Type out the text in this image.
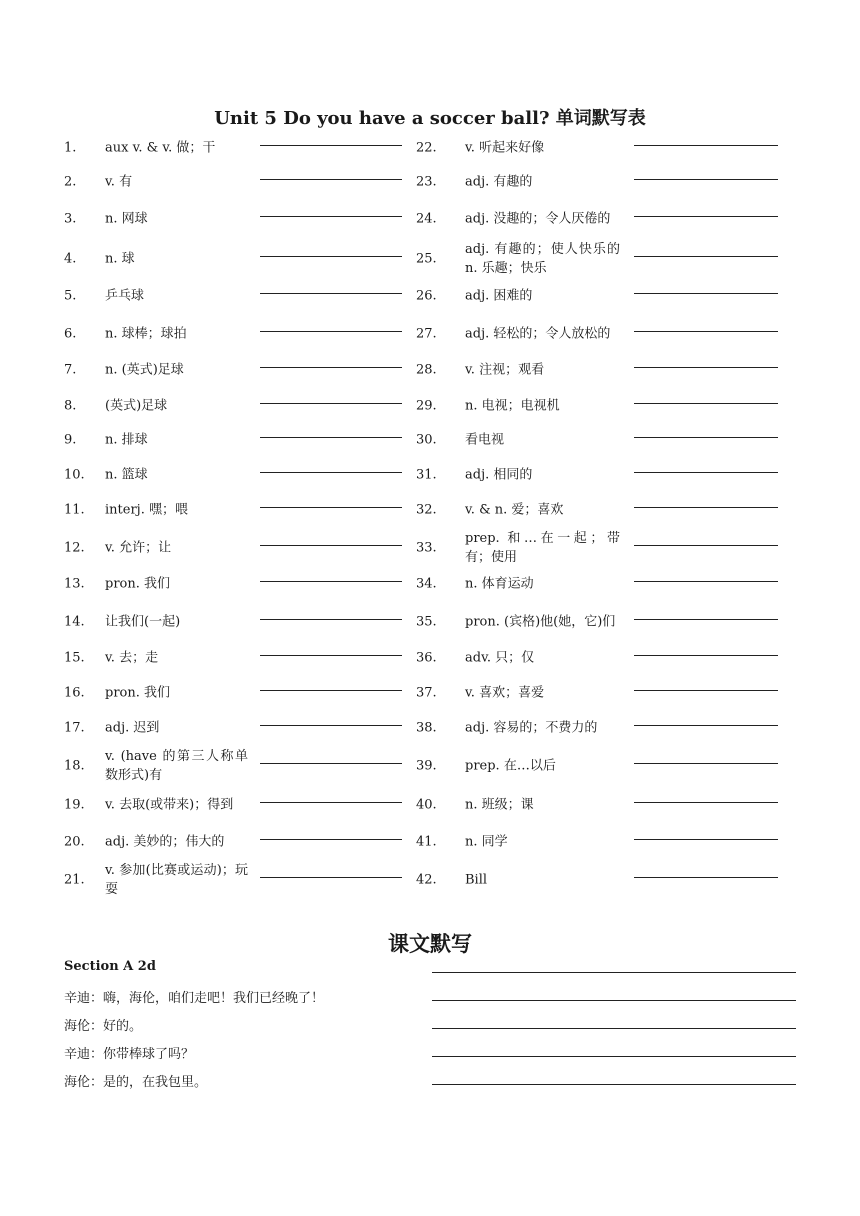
Unit 5 Do you have a soccer ball? 单词默写表
1. aux v. & v. 做；干
2. v. 有
3. n. 网球
4. n. 球
5. 乒乓球
6. n. 球棒；球拍
7. n. (英式)足球
8. (英式)足球
9. n. 排球
10. n. 篮球
11. interj. 嘿；喂
12. v. 允许；让
13. pron. 我们
14. 让我们(一起)
15. v. 去；走
16. pron. 我们
17. adj. 迟到
18.
v. (have 的第三人称单数形式)有
19. v. 去取(或带来)；得到
20. adj. 美妙的；伟大的
21.
v. 参加(比赛或运动)；玩耍
22. v. 听起来好像
23. adj. 有趣的
24. adj. 没趣的；令人厌倦的
25.
adj. 有趣的；使人快乐的 n. 乐趣；快乐
26. adj. 困难的
27. adj. 轻松的；令人放松的
28. v. 注视；观看
29. n. 电视；电视机
30. 看电视
31. adj. 相同的
32. v. & n. 爱；喜欢
33.
prep. 和…在一起；带有；使用
34. n. 体育运动
35. pron. (宾格)他(她，它)们
36. adv. 只；仅
37. v. 喜欢；喜爱
38. adj. 容易的；不费力的
39. prep. 在…以后
40. n. 班级；课
41. n. 同学
42. Bill
课文默写
Section A 2d
辛迪：嗨，海伦，咱们走吧！我们已经晚了！
海伦：好的。
辛迪：你带棒球了吗？
海伦：是的，在我包里。
